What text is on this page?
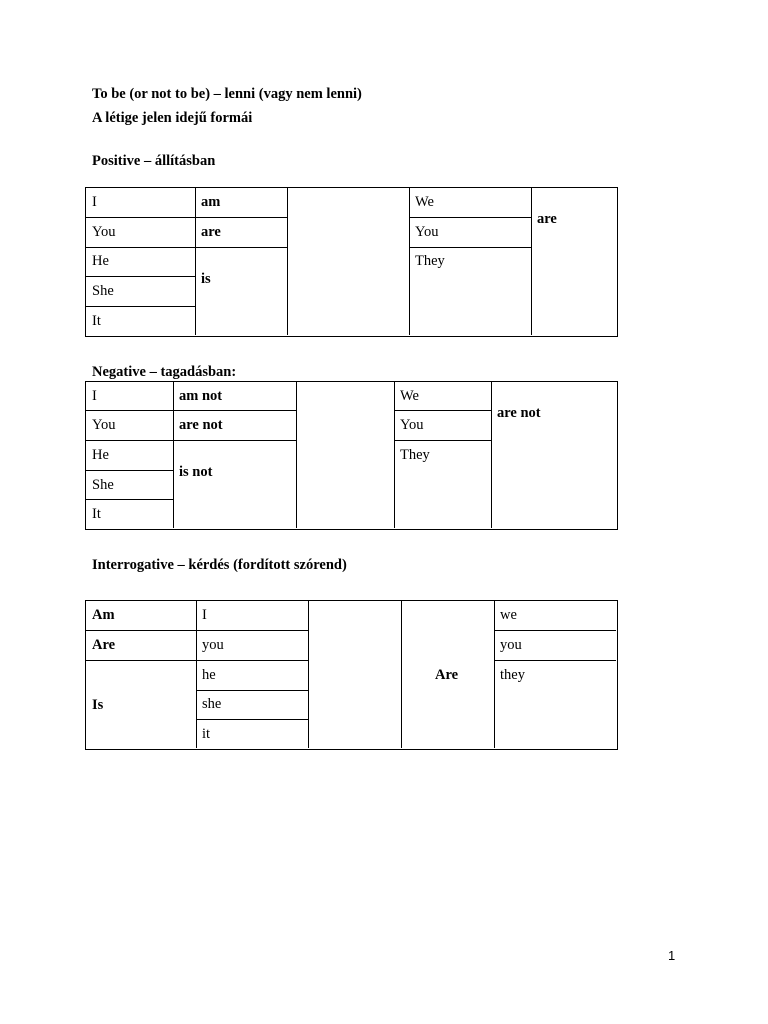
To be (or not to be) – lenni (vagy nem lenni)
A létige jelen idejű formái
Positive – állításban
I
You
He
She
It
am
are
is
We
You
They
are
Negative – tagadásban:
I
You
He
She
It
am not
are not
is not
We
You
They
are not
Interrogative – kérdés (fordított szórend)
Am
Are
Is
I
you
he
she
it
Are
we
you
they
1
